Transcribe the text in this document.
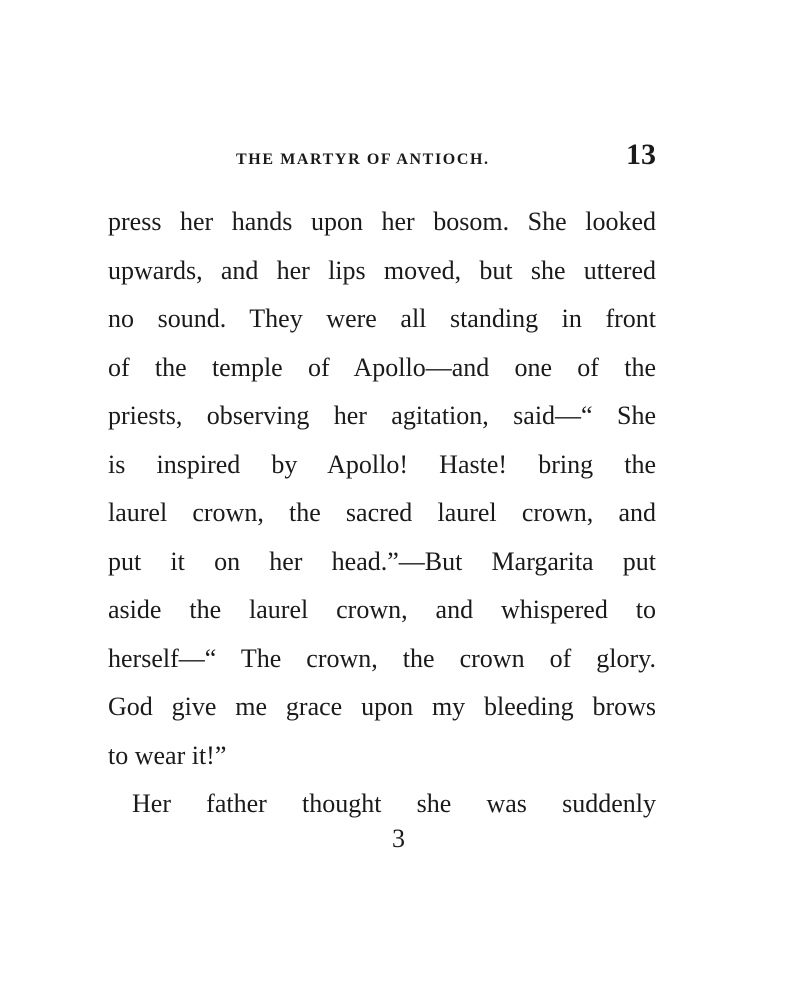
THE MARTYR OF ANTIOCH.	13
press her hands upon her bosom. She looked
upwards, and her lips moved, but she uttered
no sound. They were all standing in front
of the temple of Apollo—and one of the
priests, observing her agitation, said—“ She
is inspired by Apollo! Haste! bring the
laurel crown, the sacred laurel crown, and
put it on her head.”—But Margarita put
aside the laurel crown, and whispered to
herself—“ The crown, the crown of glory.
God give me grace upon my bleeding brows
to wear it!”
Her father thought she was suddenly
3
